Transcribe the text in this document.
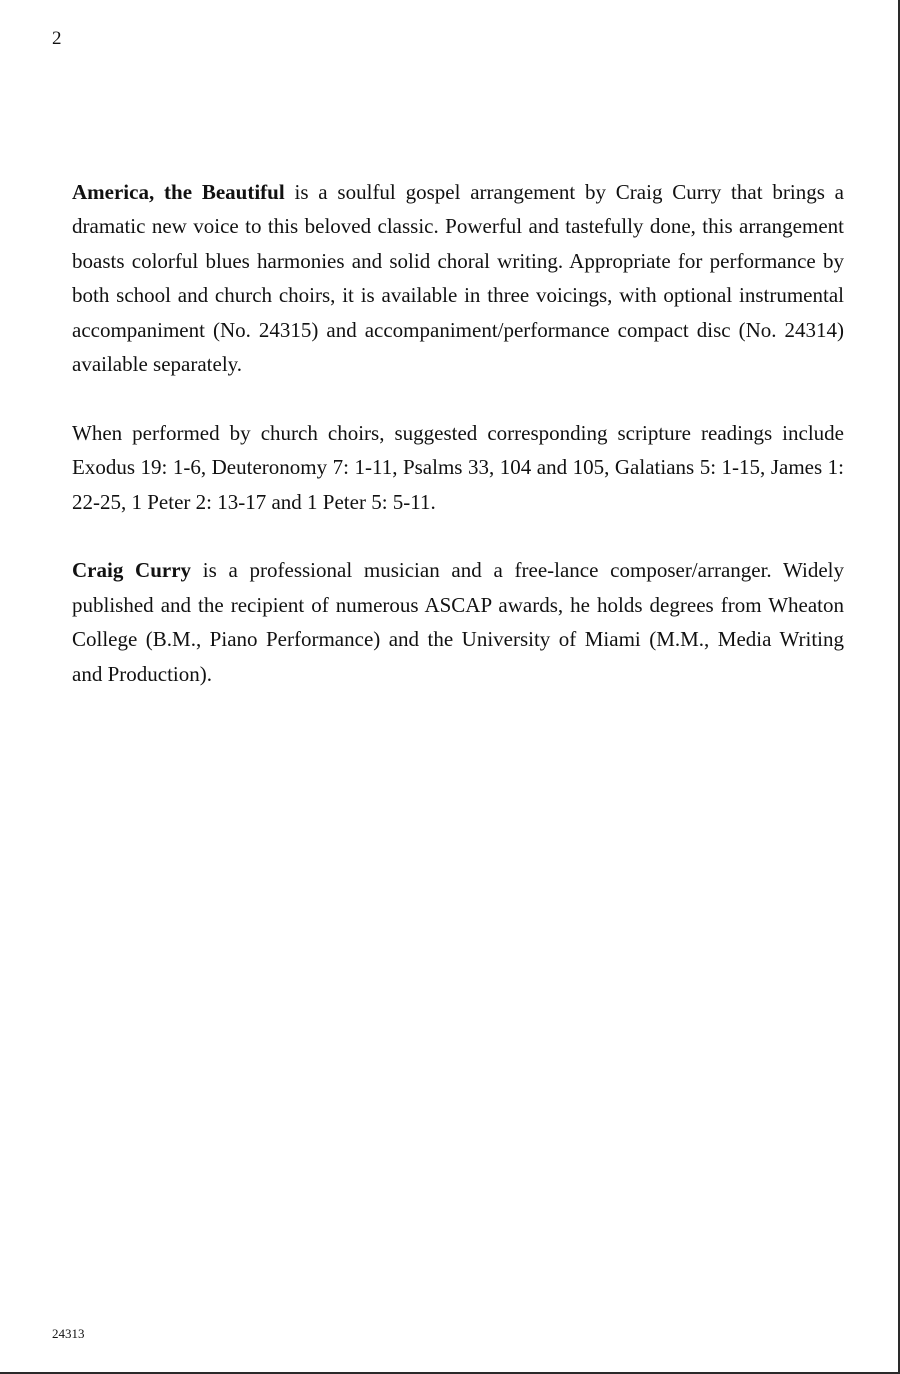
2

America, the Beautiful is a soulful gospel arrangement by Craig Curry that brings a dramatic new voice to this beloved classic. Powerful and tastefully done, this arrangement boasts colorful blues harmonies and solid choral writing. Appropriate for performance by both school and church choirs, it is available in three voicings, with optional instrumental accompaniment (No. 24315) and accompaniment/performance compact disc (No. 24314) available separately.

When performed by church choirs, suggested corresponding scripture readings include Exodus 19: 1-6, Deuteronomy 7: 1-11, Psalms 33, 104 and 105, Galatians 5: 1-15, James 1: 22-25, 1 Peter 2: 13-17 and 1 Peter 5: 5-11.

Craig Curry is a professional musician and a free-lance composer/arranger. Widely published and the recipient of numerous ASCAP awards, he holds degrees from Wheaton College (B.M., Piano Performance) and the University of Miami (M.M., Media Writing and Production).

24313
